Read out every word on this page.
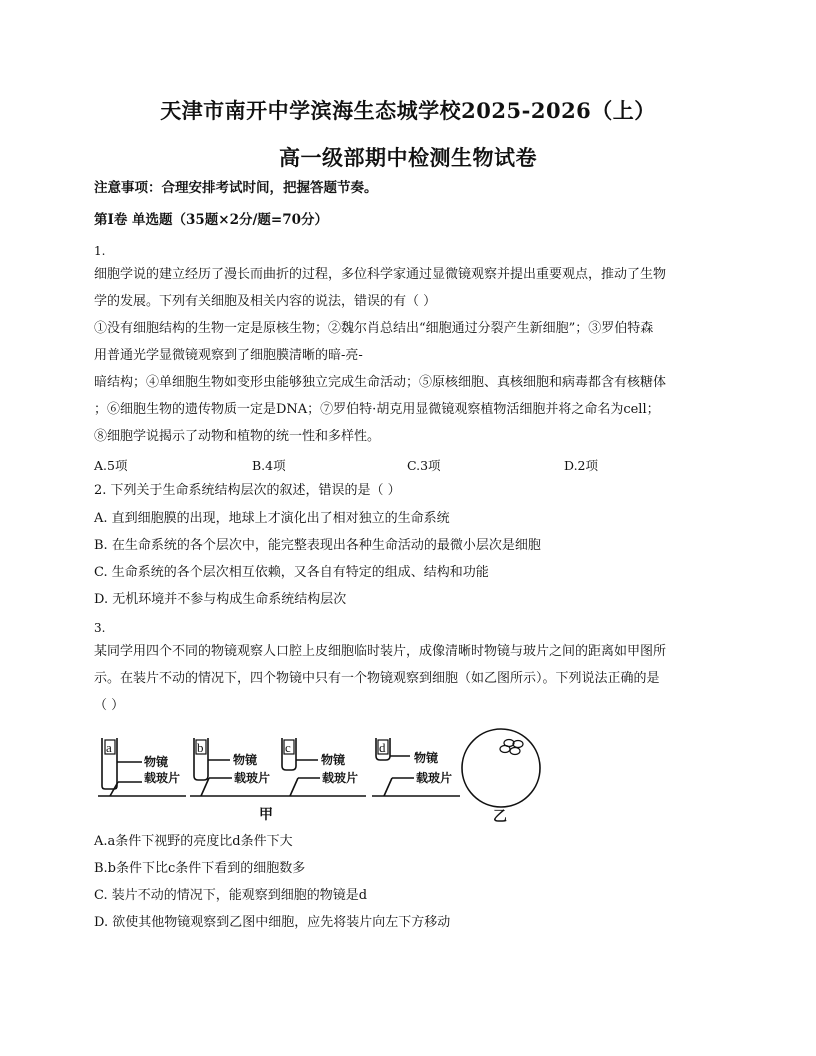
天津市南开中学滨海生态城学校2025-2026（上）
高一级部期中检测生物试卷
注意事项：合理安排考试时间，把握答题节奏。
第Ⅰ卷 单选题（35题×2分/题=70分）
1.
细胞学说的建立经历了漫长而曲折的过程，多位科学家通过显微镜观察并提出重要观点，推动了生物
学的发展。下列有关细胞及相关内容的说法，错误的有（ ）
①没有细胞结构的生物一定是原核生物；②魏尔肖总结出“细胞通过分裂产生新细胞”；③罗伯特森
用普通光学显微镜观察到了细胞膜清晰的暗-亮-
暗结构；④单细胞生物如变形虫能够独立完成生命活动；⑤原核细胞、真核细胞和病毒都含有核糖体
；⑥细胞生物的遗传物质一定是DNA；⑦罗伯特·胡克用显微镜观察植物活细胞并将之命名为cell；
⑧细胞学说揭示了动物和植物的统一性和多样性。
A.5项	B.4项	C.3项	D.2项
2. 下列关于生命系统结构层次的叙述，错误的是（ ）
A. 直到细胞膜的出现，地球上才演化出了相对独立的生命系统
B. 在生命系统的各个层次中，能完整表现出各种生命活动的最微小层次是细胞
C. 生命系统的各个层次相互依赖，又各自有特定的组成、结构和功能
D. 无机环境并不参与构成生命系统结构层次
3.
某同学用四个不同的物镜观察人口腔上皮细胞临时装片，成像清晰时物镜与玻片之间的距离如甲图所
示。在装片不动的情况下，四个物镜中只有一个物镜观察到细胞（如乙图所示）。下列说法正确的是
（ ）
a	b	c	d
物镜
载玻片
物镜
载玻片
物镜
载玻片
物镜
载玻片
甲	乙
A.a条件下视野的亮度比d条件下大
B.b条件下比c条件下看到的细胞数多
C. 装片不动的情况下，能观察到细胞的物镜是d
D. 欲使其他物镜观察到乙图中细胞，应先将装片向左下方移动
